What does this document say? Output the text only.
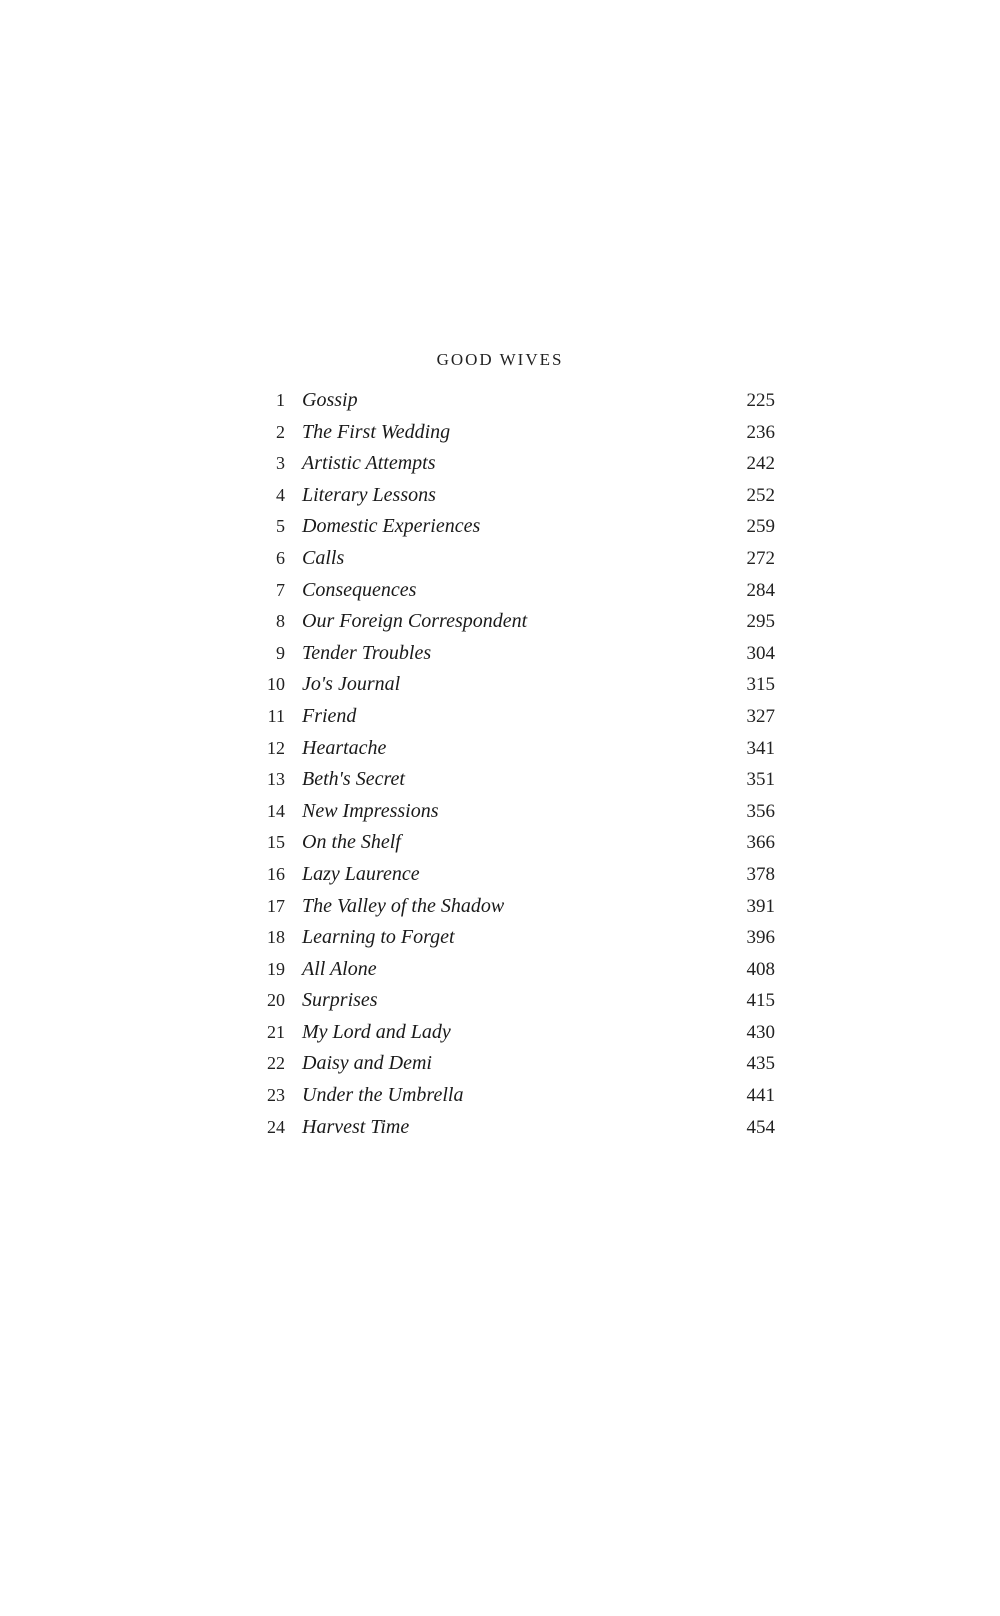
GOOD WIVES
1 Gossip	225
2 The First Wedding	236
3 Artistic Attempts	242
4 Literary Lessons	252
5 Domestic Experiences	259
6 Calls	272
7 Consequences	284
8 Our Foreign Correspondent	295
9 Tender Troubles	304
10 Jo's Journal	315
11 Friend	327
12 Heartache	341
13 Beth's Secret	351
14 New Impressions	356
15 On the Shelf	366
16 Lazy Laurence	378
17 The Valley of the Shadow	391
18 Learning to Forget	396
19 All Alone	408
20 Surprises	415
21 My Lord and Lady	430
22 Daisy and Demi	435
23 Under the Umbrella	441
24 Harvest Time	454
